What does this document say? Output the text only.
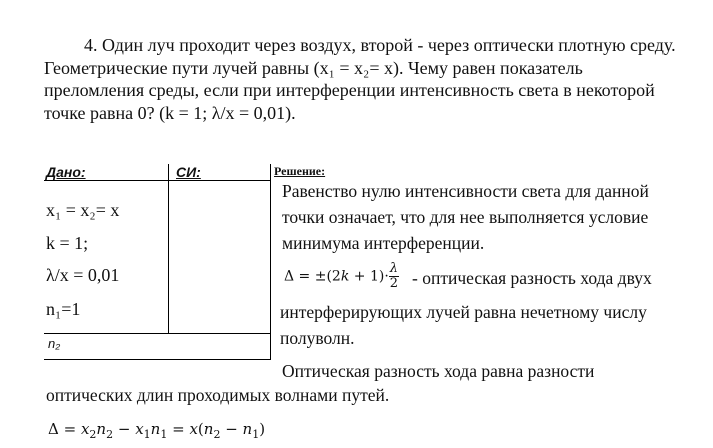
4. Один луч проходит через воздух, второй - через оптически плотную среду. Геометрические пути лучей равны (x₁ = x₂= x). Чему равен показатель преломления среды, если при интерференции интенсивность света в некоторой точке равна 0? (k = 1; λ/x = 0,01).

Дано:	СИ:	Решение:
x₁ = x₂= x
k = 1;
λ/x = 0,01
n₁=1
n₂
Равенство нулю интенсивности света для данной точки означает, что для нее выполняется условие минимума интерференции.
$\Delta = \pm(2k + 1)\cdot \frac{\lambda}{2}$ - оптическая разность хода двух
интерферирующих лучей равна нечетному числу полуволн.
Оптическая разность хода равна разности
оптических длин проходимых волнами путей.
$\Delta = x_2n_2 - x_1n_1 = x(n_2 - n_1)$
